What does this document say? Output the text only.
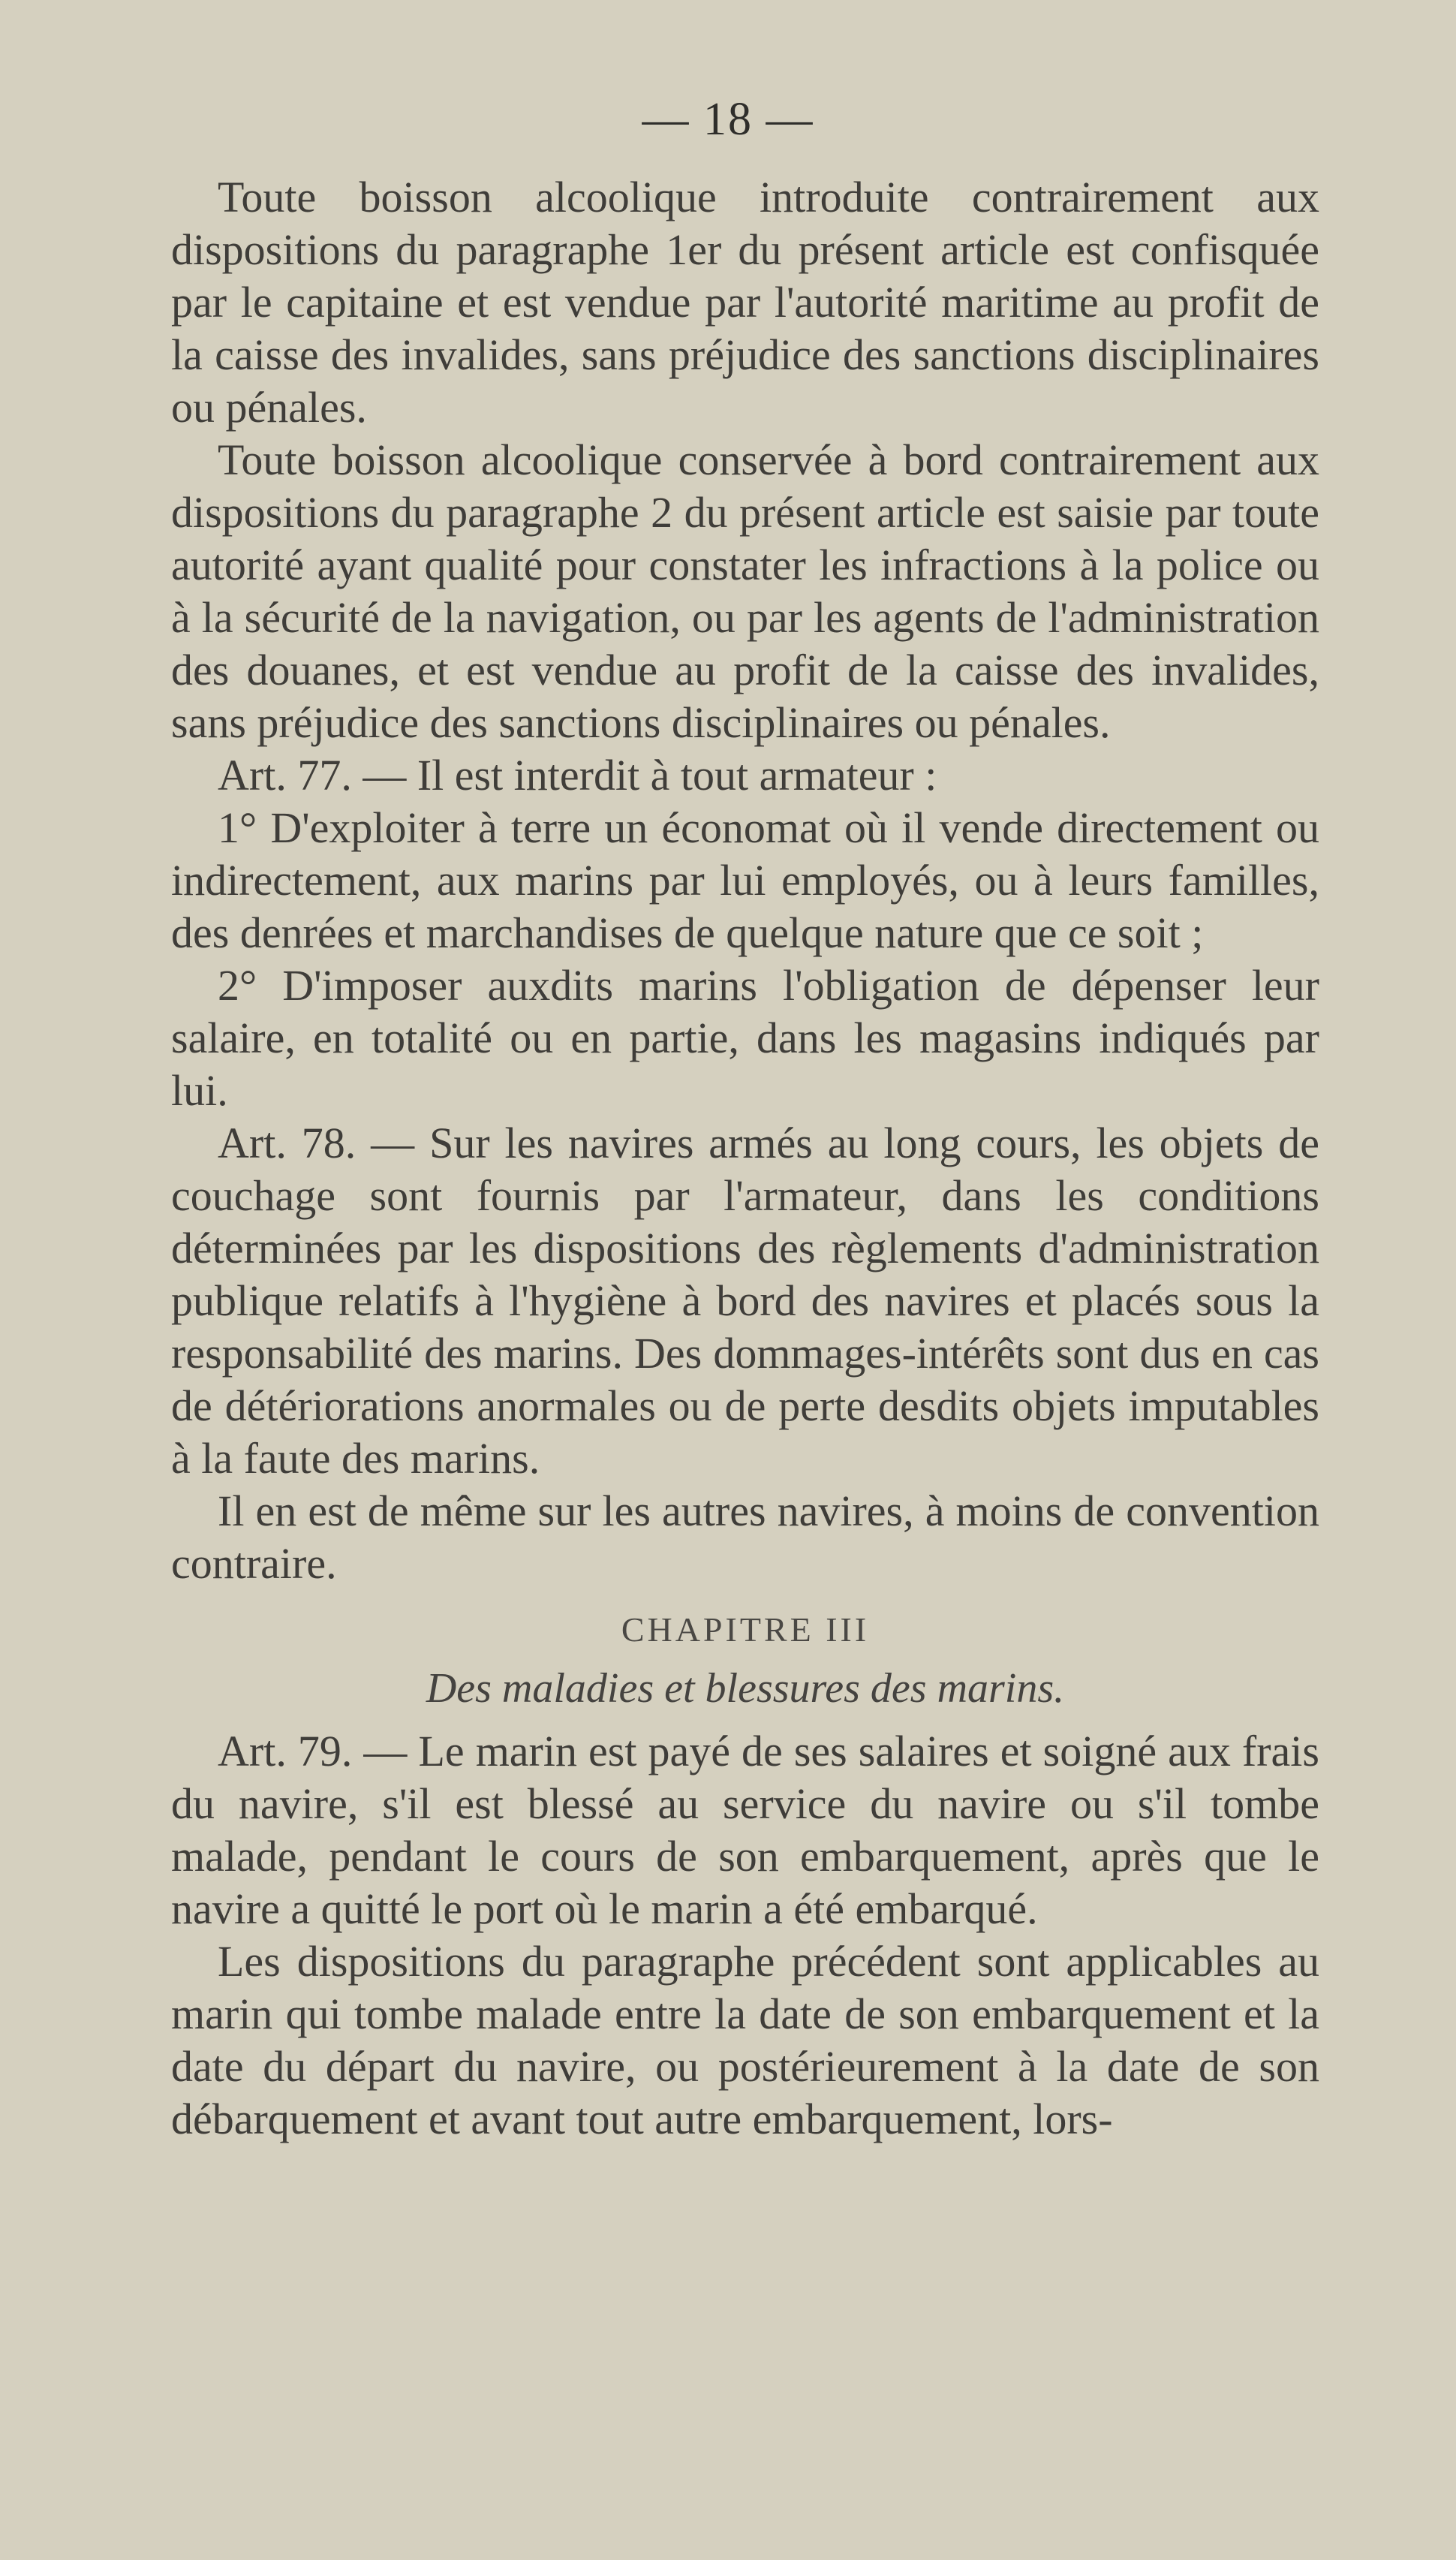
— 18 —

Toute boisson alcoolique introduite contrairement aux dispositions du paragraphe 1er du présent article est confisquée par le capitaine et est vendue par l'autorité maritime au profit de la caisse des invalides, sans préjudice des sanctions disciplinaires ou pénales.

Toute boisson alcoolique conservée à bord contrairement aux dispositions du paragraphe 2 du présent article est saisie par toute autorité ayant qualité pour constater les infractions à la police ou à la sécurité de la navigation, ou par les agents de l'administration des douanes, et est vendue au profit de la caisse des invalides, sans préjudice des sanctions disciplinaires ou pénales.

Art. 77. — Il est interdit à tout armateur :

1° D'exploiter à terre un économat où il vende directement ou indirectement, aux marins par lui employés, ou à leurs familles, des denrées et marchandises de quelque nature que ce soit ;

2° D'imposer auxdits marins l'obligation de dépenser leur salaire, en totalité ou en partie, dans les magasins indiqués par lui.

Art. 78. — Sur les navires armés au long cours, les objets de couchage sont fournis par l'armateur, dans les conditions déterminées par les dispositions des règlements d'administration publique relatifs à l'hygiène à bord des navires et placés sous la responsabilité des marins. Des dommages-intérêts sont dus en cas de détériorations anormales ou de perte desdits objets imputables à la faute des marins.

Il en est de même sur les autres navires, à moins de convention contraire.

CHAPITRE III
Des maladies et blessures des marins.

Art. 79. — Le marin est payé de ses salaires et soigné aux frais du navire, s'il est blessé au service du navire ou s'il tombe malade, pendant le cours de son embarquement, après que le navire a quitté le port où le marin a été embarqué.

Les dispositions du paragraphe précédent sont applicables au marin qui tombe malade entre la date de son embarquement et la date du départ du navire, ou postérieurement à la date de son débarquement et avant tout autre embarquement, lors-
